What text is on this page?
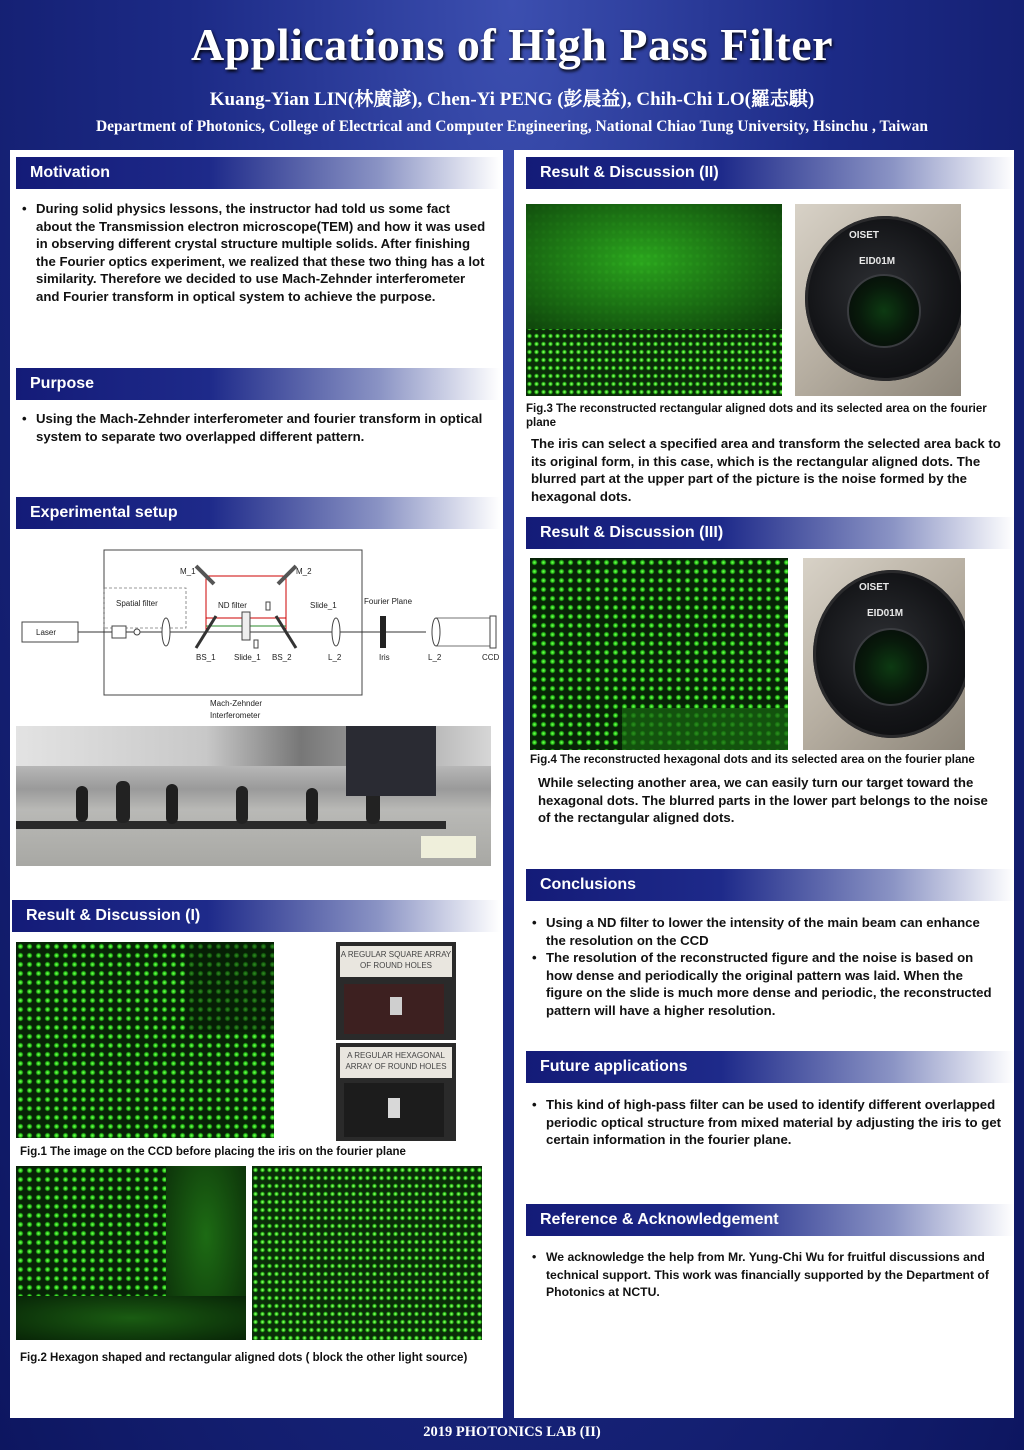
Applications of High Pass Filter
Kuang-Yian LIN(林廣諺), Chen-Yi PENG (彭晨益), Chih-Chi LO(羅志騏)
Department of Photonics, College of Electrical and Computer Engineering, National Chiao Tung University, Hsinchu , Taiwan
Motivation
• During solid physics lessons, the instructor had told us some fact about the Transmission electron microscope(TEM) and how it was used in observing different crystal structure multiple solids. After finishing the Fourier optics experiment, we realized that these two thing has a lot similarity. Therefore we decided to use Mach-Zehnder interferometer and Fourier transform in optical system to achieve the purpose.
Purpose
• Using the Mach-Zehnder interferometer and fourier transform in optical system to separate two overlapped different pattern.
Experimental setup
M_1	M_2
Spatial filter	ND filter	Slide_1	Fourier Plane
Laser
BS_1 Slide_1 BS_2	L_2	Iris	L_2	CCD
Mach-Zehnder
Interferometer
Result & Discussion (I)
A REGULAR SQUARE ARRAY OF ROUND HOLES
A REGULAR HEXAGONAL ARRAY OF ROUND HOLES
Fig.1 The image on the CCD before placing the iris on the fourier plane
Fig.2 Hexagon shaped and rectangular aligned dots ( block the other light source)
Result & Discussion (II)
OISET
EID01M
Fig.3 The reconstructed rectangular aligned dots and its selected area on the fourier plane
The iris can select a specified area and transform the selected area back to its original form, in this case, which is the rectangular aligned dots. The blurred part at the upper part of the picture is the noise formed by the hexagonal dots.
Result & Discussion (III)
OISET
EID01M
Fig.4 The reconstructed hexagonal dots and its selected area on the fourier plane
While selecting another area, we can easily turn our target toward the hexagonal dots. The blurred parts in the lower part belongs to the noise of the rectangular aligned dots.
Conclusions
• Using a ND filter to lower the intensity of the main beam can enhance the resolution on the CCD
• The resolution of the reconstructed figure and the noise is based on how dense and periodically the original pattern was laid. When the figure on the slide is much more dense and periodic, the reconstructed pattern will have a higher resolution.
Future applications
• This kind of high-pass filter can be used to identify different overlapped periodic optical structure from mixed material by adjusting the iris to get certain information in the fourier plane.
Reference & Acknowledgement
• We acknowledge the help from Mr. Yung-Chi Wu for fruitful discussions and technical support. This work was financially supported by the Department of Photonics at NCTU.
2019 PHOTONICS LAB (II)
